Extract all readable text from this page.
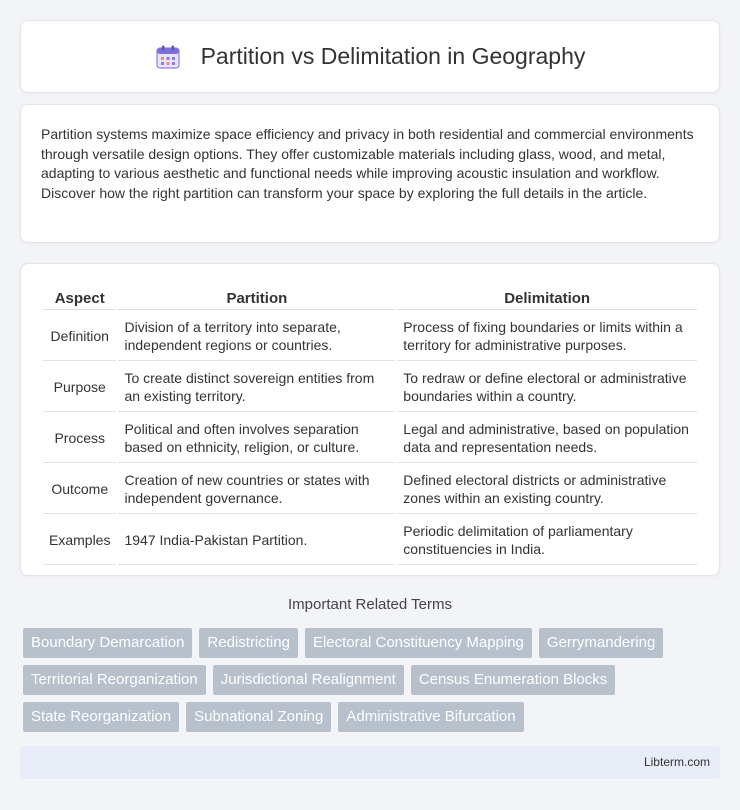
Partition vs Delimitation in Geography

Partition systems maximize space efficiency and privacy in both residential and commercial environments through versatile design options. They offer customizable materials including glass, wood, and metal, adapting to various aesthetic and functional needs while improving acoustic insulation and workflow. Discover how the right partition can transform your space by exploring the full details in the article.

Aspect	Partition	Delimitation
Definition	Division of a territory into separate, independent regions or countries.	Process of fixing boundaries or limits within a territory for administrative purposes.
Purpose	To create distinct sovereign entities from an existing territory.	To redraw or define electoral or administrative boundaries within a country.
Process	Political and often involves separation based on ethnicity, religion, or culture.	Legal and administrative, based on population data and representation needs.
Outcome	Creation of new countries or states with independent governance.	Defined electoral districts or administrative zones within an existing country.
Examples	1947 India-Pakistan Partition.	Periodic delimitation of parliamentary constituencies in India.
Important Related Terms
Boundary Demarcation	Redistricting	Electoral Constituency Mapping	Gerrymandering
Territorial Reorganization	Jurisdictional Realignment	Census Enumeration Blocks
State Reorganization	Subnational Zoning	Administrative Bifurcation
Libterm.com
